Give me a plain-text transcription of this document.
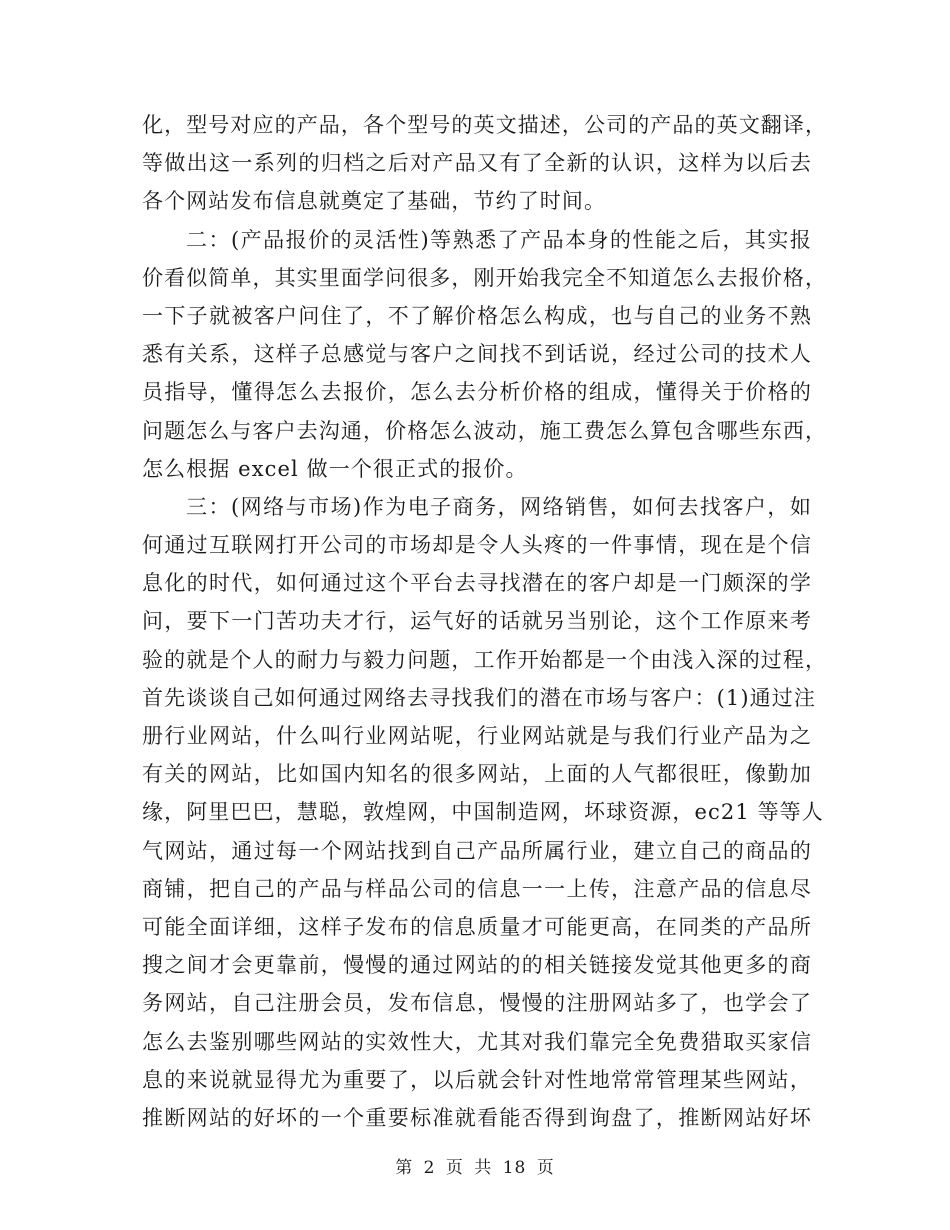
化，型号对应的产品，各个型号的英文描述，公司的产品的英文翻译，
等做出这一系列的归档之后对产品又有了全新的认识，这样为以后去
各个网站发布信息就奠定了基础，节约了时间。
二：(产品报价的灵活性)等熟悉了产品本身的性能之后，其实报
价看似简单，其实里面学问很多，刚开始我完全不知道怎么去报价格，
一下子就被客户问住了，不了解价格怎么构成，也与自己的业务不熟
悉有关系，这样子总感觉与客户之间找不到话说，经过公司的技术人
员指导，懂得怎么去报价，怎么去分析价格的组成，懂得关于价格的
问题怎么与客户去沟通，价格怎么波动，施工费怎么算包含哪些东西，
怎么根据 excel 做一个很正式的报价。
三：(网络与市场)作为电子商务，网络销售，如何去找客户，如
何通过互联网打开公司的市场却是令人头疼的一件事情，现在是个信
息化的时代，如何通过这个平台去寻找潜在的客户却是一门颇深的学
问，要下一门苦功夫才行，运气好的话就另当别论，这个工作原来考
验的就是个人的耐力与毅力问题，工作开始都是一个由浅入深的过程，
首先谈谈自己如何通过网络去寻找我们的潜在市场与客户：(1)通过注
册行业网站，什么叫行业网站呢，行业网站就是与我们行业产品为之
有关的网站，比如国内知名的很多网站，上面的人气都很旺，像勤加
缘，阿里巴巴，慧聪，敦煌网，中国制造网，坏球资源，ec21 等等人
气网站，通过每一个网站找到自己产品所属行业，建立自己的商品的
商铺，把自己的产品与样品公司的信息一一上传，注意产品的信息尽
可能全面详细，这样子发布的信息质量才可能更高，在同类的产品所
搜之间才会更靠前，慢慢的通过网站的的相关链接发觉其他更多的商
务网站，自己注册会员，发布信息，慢慢的注册网站多了，也学会了
怎么去鉴别哪些网站的实效性大，尤其对我们靠完全免费猎取买家信
息的来说就显得尤为重要了，以后就会针对性地常常管理某些网站，
推断网站的好坏的一个重要标准就看能否得到询盘了，推断网站好坏
第 2 页 共 18 页
